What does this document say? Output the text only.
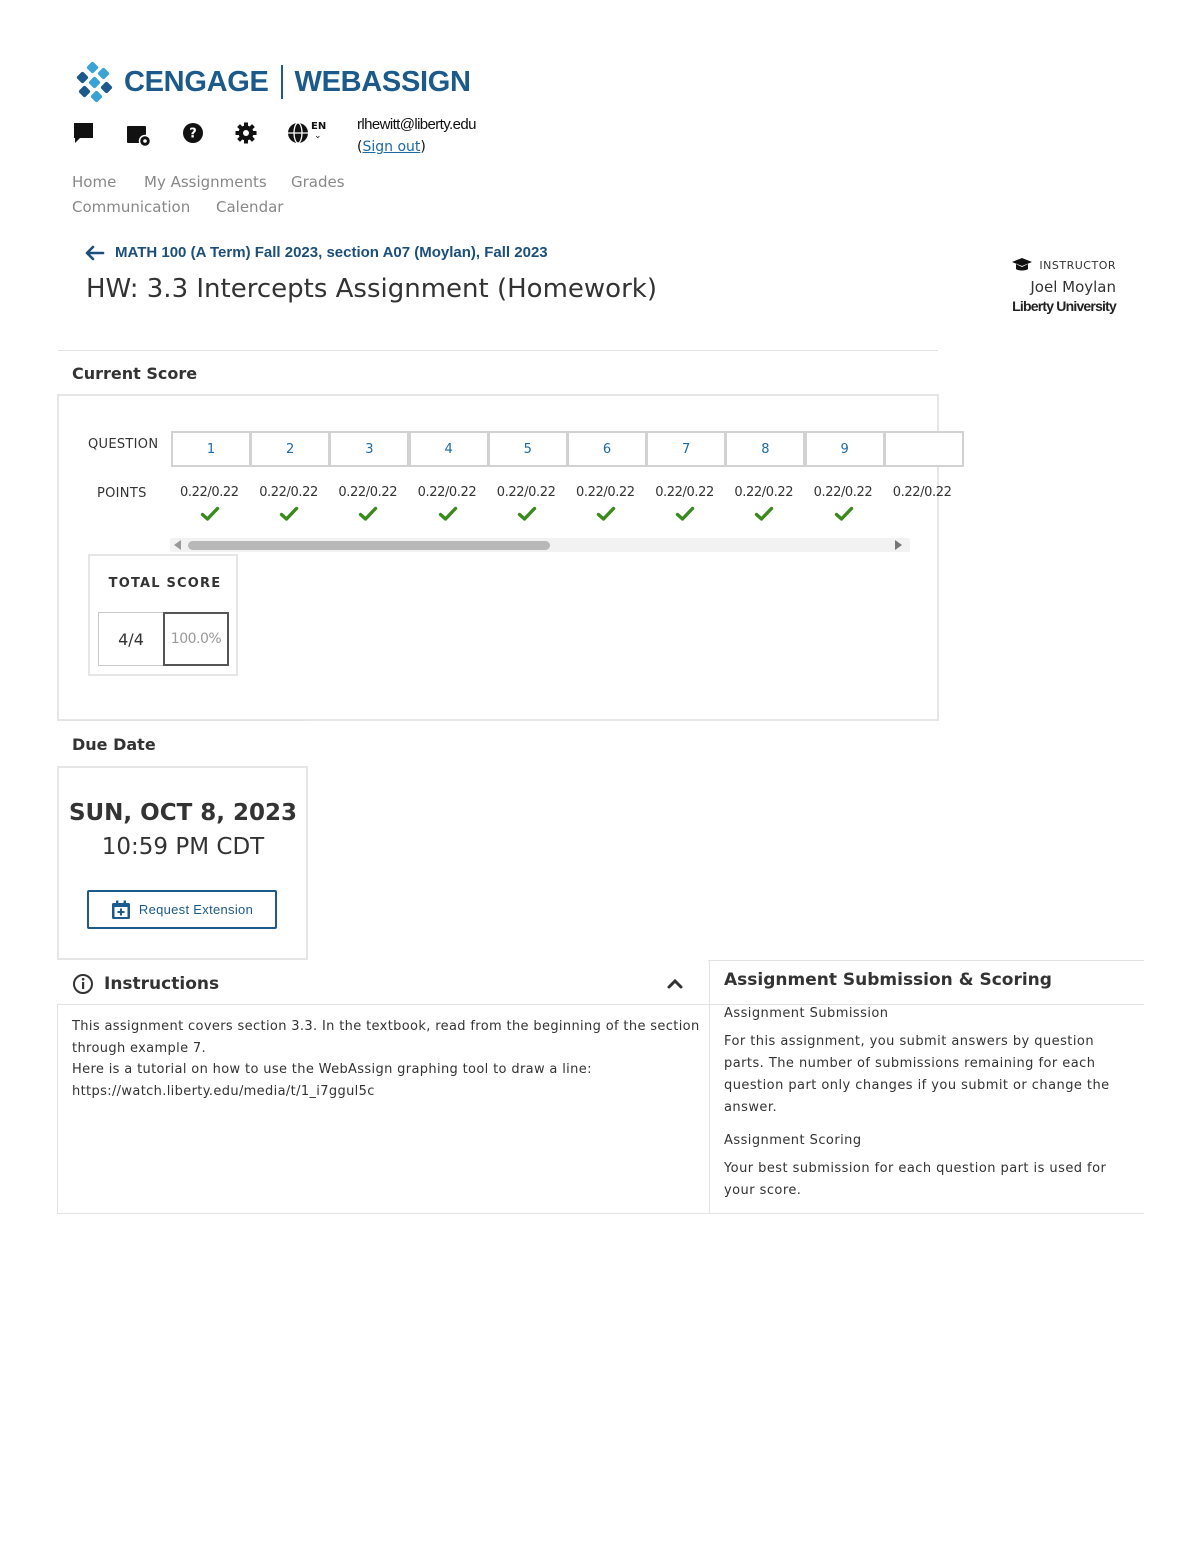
CENGAGE WEBASSIGN
?	EN
⌄
rlhewitt@liberty.edu
(Sign out)
Home My Assignments Grades
Communication Calendar
MATH 100 (A Term) Fall 2023, section A07 (Moylan), Fall 2023
HW: 3.3 Intercepts Assignment (Homework)
INSTRUCTOR
Joel Moylan
Liberty University
Current Score
QUESTION
POINTS
1
0.22/0.22
2
0.22/0.22
3
0.22/0.22
4
0.22/0.22
5
0.22/0.22
6
0.22/0.22
7
0.22/0.22
8
0.22/0.22
9
0.22/0.22 0.22/0.22
TOTAL SCORE
4/4	100.0%
Due Date
SUN, OCT 8, 2023
10:59 PM CDT
Request Extension
Instructions
This assignment covers section 3.3. In the textbook, read from the beginning of the section through example 7.
Here is a tutorial on how to use the WebAssign graphing tool to draw a line:
https://watch.liberty.edu/media/t/1_i7ggul5c
Assignment Submission & Scoring
Assignment Submission
For this assignment, you submit answers by question parts. The number of submissions remaining for each question part only changes if you submit or change the answer.
Assignment Scoring
Your best submission for each question part is used for your score.
